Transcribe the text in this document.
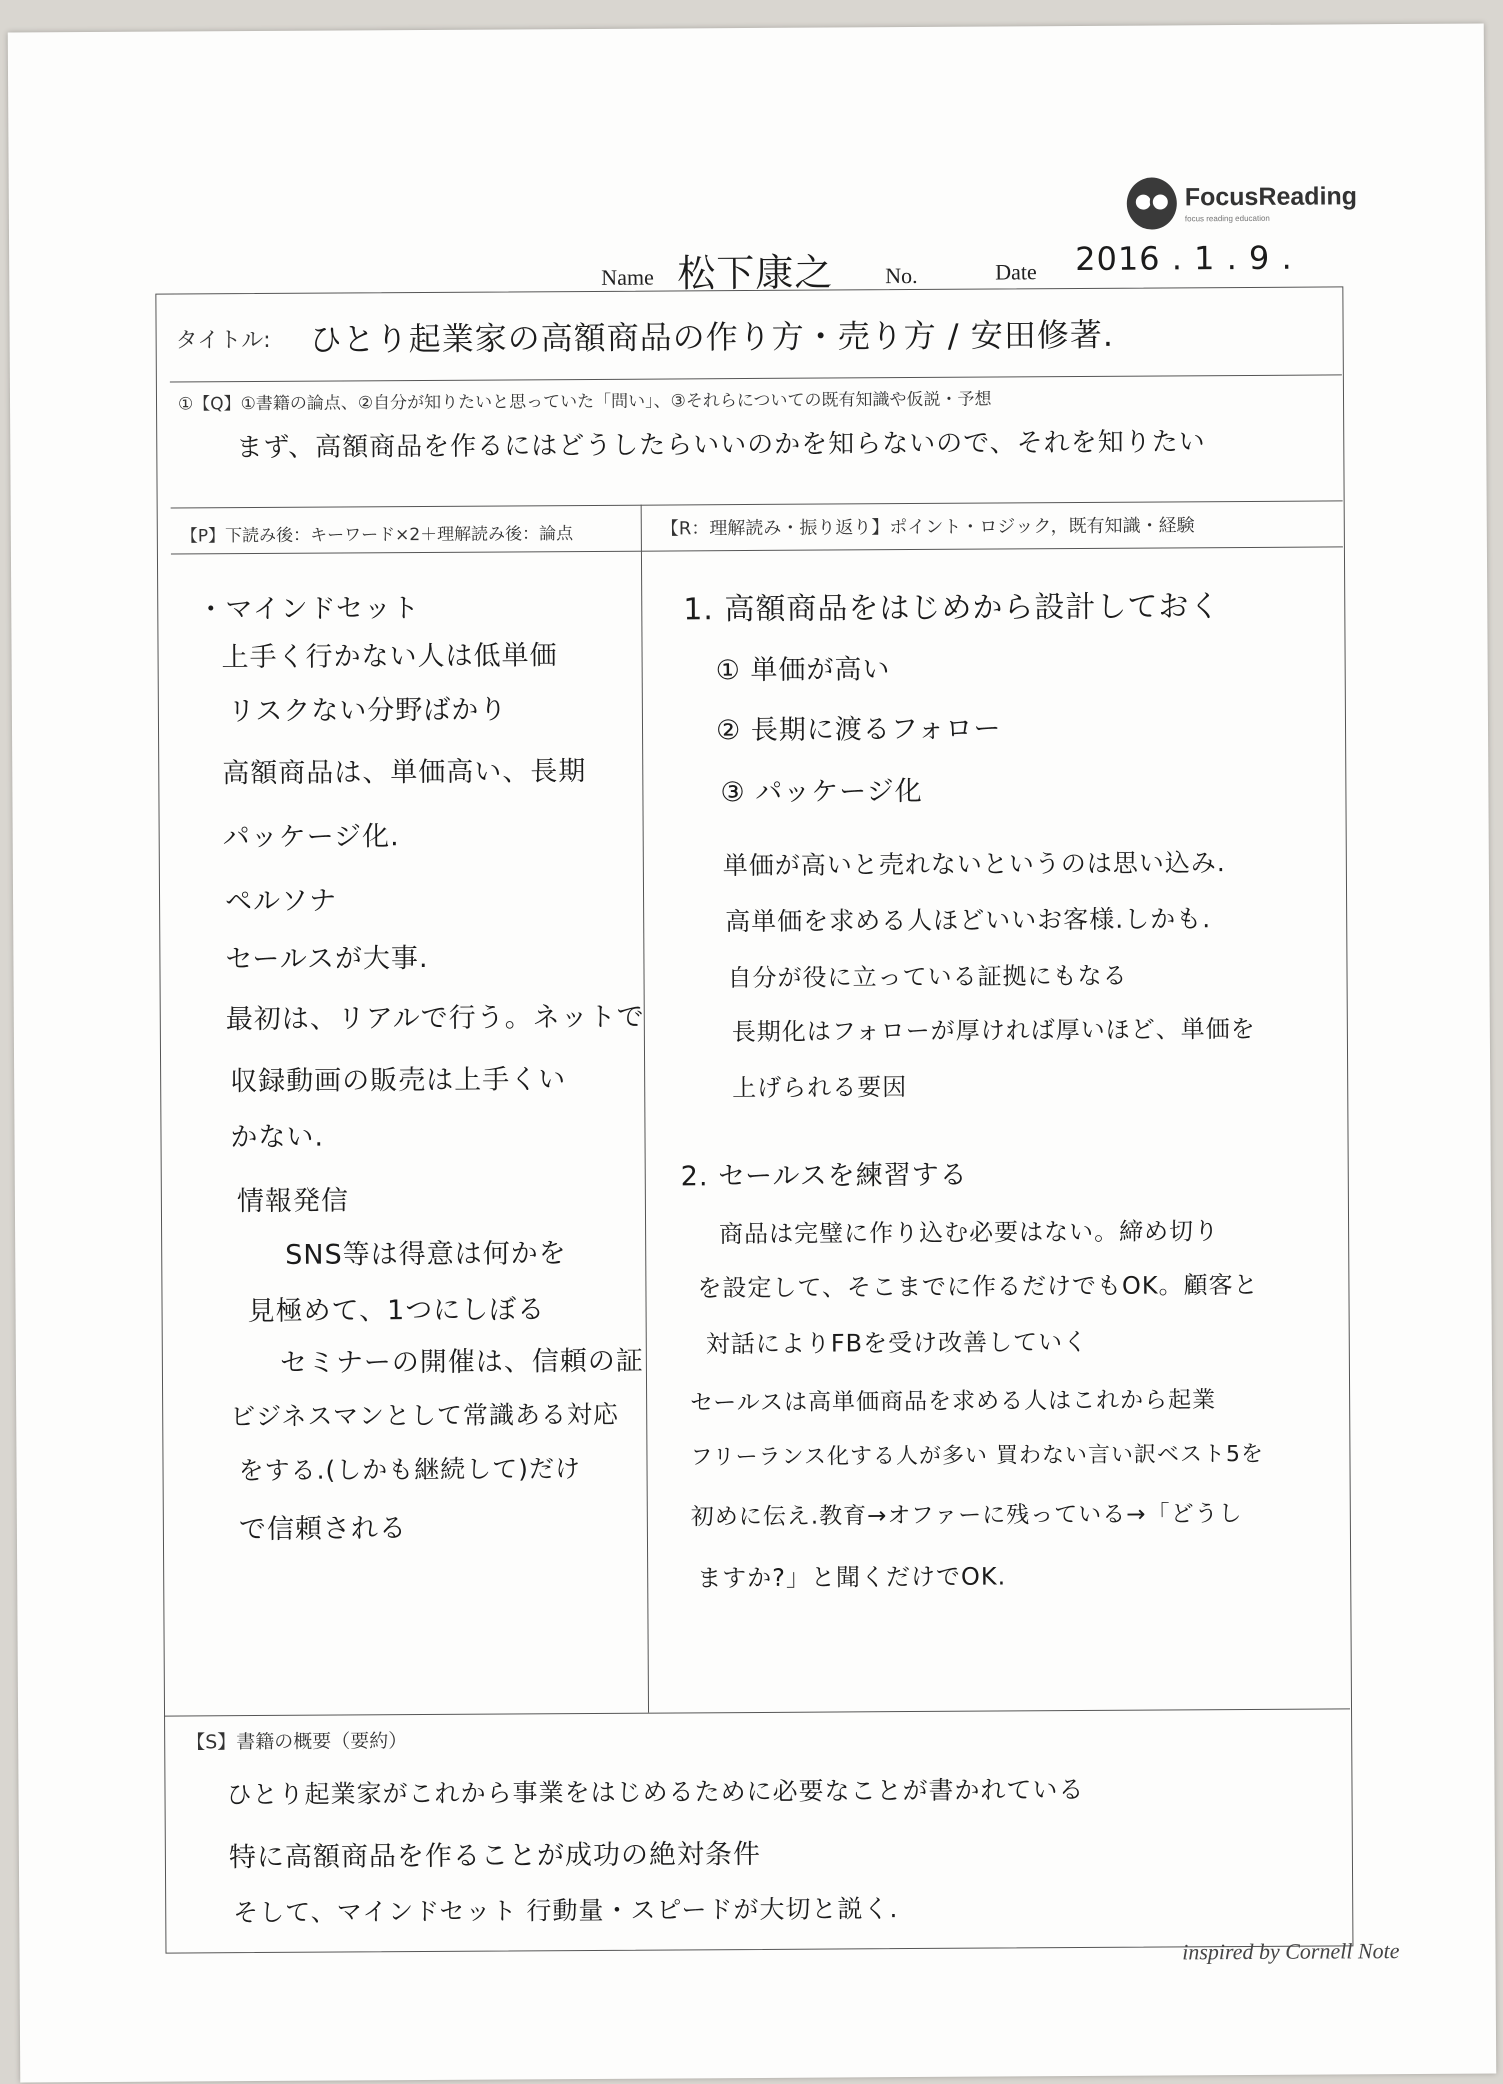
FocusReading
focus reading education
Name 松下康之 No.	Date 2016 . 1 . 9 .
タイトル: ひとり起業家の高額商品の作り方・売り方 / 安田修著.
①【Q】①書籍の論点、②自分が知りたいと思っていた「問い」、③それらについての既有知識や仮説・予想
まず、高額商品を作るにはどうしたらいいのかを知らないので、それを知りたい
【P】下読み後：キーワード×2＋理解読み後：論点	【R：理解読み・振り返り】ポイント・ロジック，既有知識・経験
・マインドセット
上手く行かない人は低単価
リスクない分野ばかり
高額商品は、単価高い、長期
パッケージ化.
ペルソナ
セールスが大事.
最初は、リアルで行う。ネットで
収録動画の販売は上手くい
かない.
情報発信
SNS等は得意は何かを
見極めて、1つにしぼる
セミナーの開催は、信頼の証
ビジネスマンとして常識ある対応
をする.(しかも継続して)だけ
で信頼される
1. 高額商品をはじめから設計しておく
① 単価が高い
② 長期に渡るフォロー
③ パッケージ化
単価が高いと売れないというのは思い込み.
高単価を求める人ほどいいお客様.しかも.
自分が役に立っている証拠にもなる
長期化はフォローが厚ければ厚いほど、単価を
上げられる要因
2. セールスを練習する
商品は完璧に作り込む必要はない。締め切り
を設定して、そこまでに作るだけでもOK。顧客と
対話によりFBを受け改善していく
セールスは高単価商品を求める人はこれから起業
フリーランス化する人が多い 買わない言い訳ベスト5を
初めに伝え.教育→オファーに残っている→「どうし
ますか?」と聞くだけでOK.
【S】書籍の概要（要約）
ひとり起業家がこれから事業をはじめるために必要なことが書かれている
特に高額商品を作ることが成功の絶対条件
そして、マインドセット 行動量・スピードが大切と説く.
inspired by Cornell Note
